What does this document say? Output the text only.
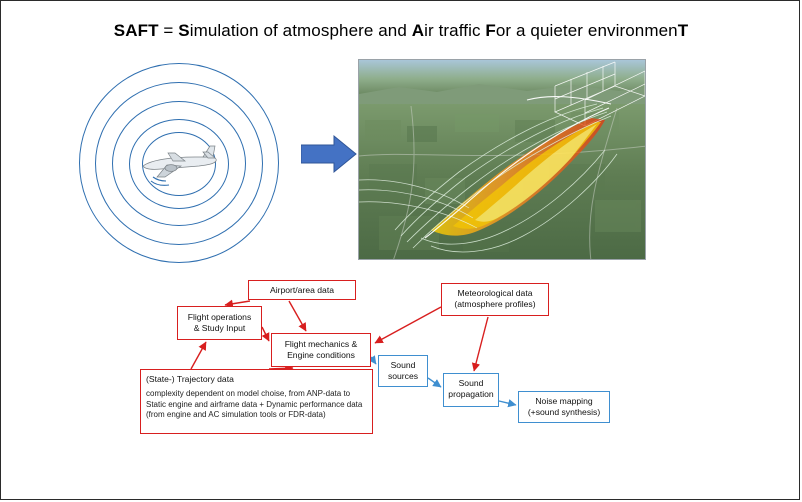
SAFT = Simulation of atmosphere and Air traffic For a quieter environmenT
Airport/area data	Meteorological data
(atmosphere profiles)
Flight operations
& Study Input
Flight mechanics &
Engine conditions
Sound
sources
Sound
propagation
Noise mapping
(+sound synthesis)
(State-) Trajectory data
complexity dependent on model choise, from ANP-data to Static engine and airframe data + Dynamic performance data (from engine and AC simulation tools or FDR-data)
